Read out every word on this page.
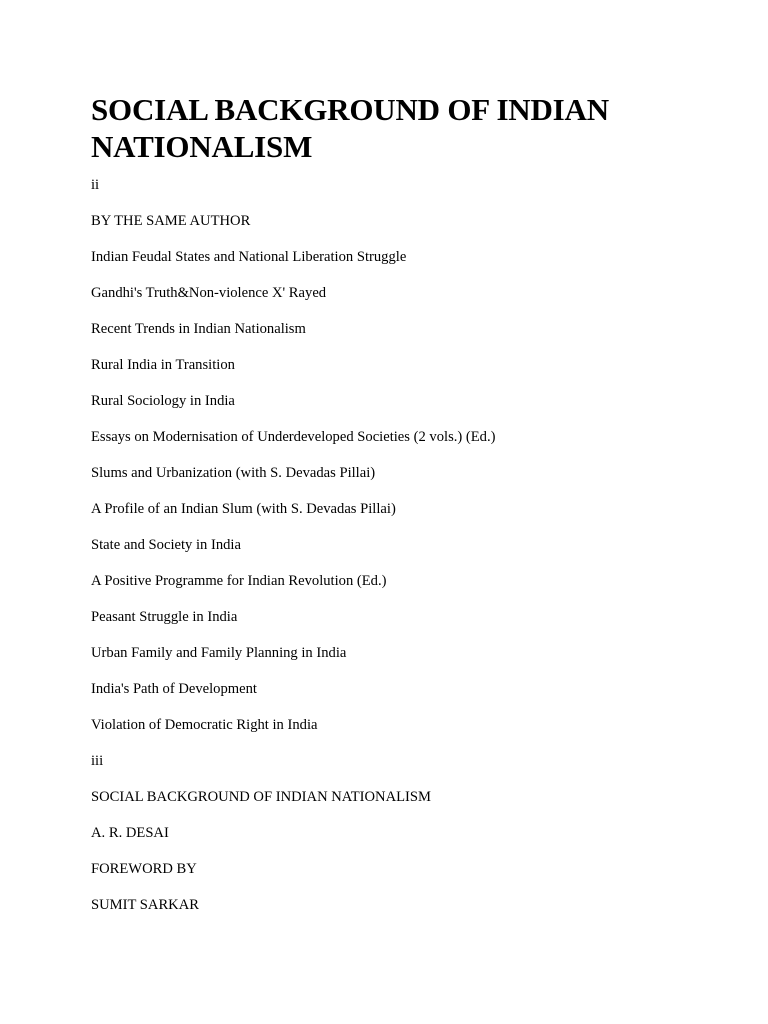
SOCIAL BACKGROUND OF INDIAN NATIONALISM

ii

BY THE SAME AUTHOR

Indian Feudal States and National Liberation Struggle

Gandhi's Truth&Non-violence X' Rayed

Recent Trends in Indian Nationalism

Rural India in Transition

Rural Sociology in India

Essays on Modernisation of Underdeveloped Societies (2 vols.) (Ed.)

Slums and Urbanization (with S. Devadas Pillai)

A Profile of an Indian Slum (with S. Devadas Pillai)

State and Society in India

A Positive Programme for Indian Revolution (Ed.)

Peasant Struggle in India

Urban Family and Family Planning in India

India's Path of Development

Violation of Democratic Right in India

iii

SOCIAL BACKGROUND OF INDIAN NATIONALISM

A. R. DESAI

FOREWORD BY

SUMIT SARKAR
